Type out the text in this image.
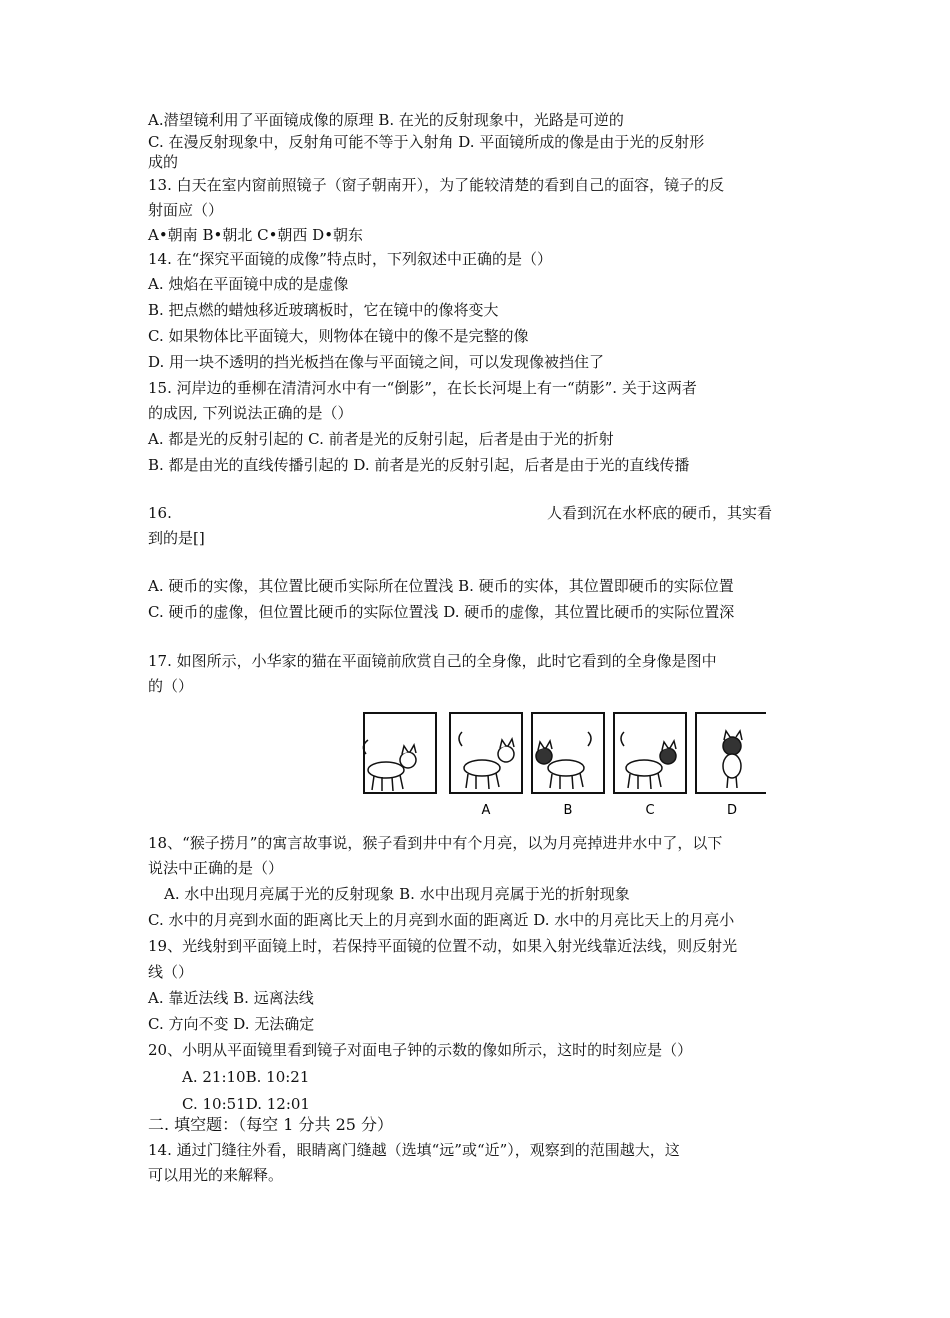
A.潜望镜利用了平面镜成像的原理 B. 在光的反射现象中，光路是可逆的
C. 在漫反射现象中，反射角可能不等于入射角 D. 平面镜所成的像是由于光的反射形
成的
13. 白天在室内窗前照镜子（窗子朝南开），为了能较清楚的看到自己的面容，镜子的反
射面应（）
A•朝南 B•朝北 C•朝西 D•朝东
14. 在“探究平面镜的成像”特点时，下列叙述中正确的是（）
A. 烛焰在平面镜中成的是虚像
B. 把点燃的蜡烛移近玻璃板时，它在镜中的像将变大
C. 如果物体比平面镜大，则物体在镜中的像不是完整的像
D. 用一块不透明的挡光板挡在像与平面镜之间，可以发现像被挡住了
15. 河岸边的垂柳在清清河水中有一“倒影”，在长长河堤上有一“荫影”. 关于这两者
的成因, 下列说法正确的是（）
A. 都是光的反射引起的 C. 前者是光的反射引起，后者是由于光的折射
B. 都是由光的直线传播引起的 D. 前者是光的反射引起，后者是由于光的直线传播
16.	人看到沉在水杯底的硬币，其实看
到的是[]
A. 硬币的实像，其位置比硬币实际所在位置浅 B. 硬币的实体，其位置即硬币的实际位置
C. 硬币的虚像，但位置比硬币的实际位置浅 D. 硬币的虚像，其位置比硬币的实际位置深
17. 如图所示，小华家的猫在平面镜前欣赏自己的全身像，此时它看到的全身像是图中
的（）
A	B	C	D
18、“猴子捞月”的寓言故事说，猴子看到井中有个月亮，以为月亮掉进井水中了，以下
说法中正确的是（）
A. 水中出现月亮属于光的反射现象 B. 水中出现月亮属于光的折射现象
C. 水中的月亮到水面的距离比天上的月亮到水面的距离近 D. 水中的月亮比天上的月亮小
19、光线射到平面镜上时，若保持平面镜的位置不动，如果入射光线靠近法线，则反射光
线（）
A. 靠近法线 B. 远离法线
C. 方向不变 D. 无法确定
20、小明从平面镜里看到镜子对面电子钟的示数的像如所示，这时的时刻应是（）
A. 21:10B. 10:21
C. 10:51D. 12:01
二. 填空题：（每空 1 分共 25 分）
14. 通过门缝往外看，眼睛离门缝越（选填“远”或“近”），观察到的范围越大，这
可以用光的来解释。
